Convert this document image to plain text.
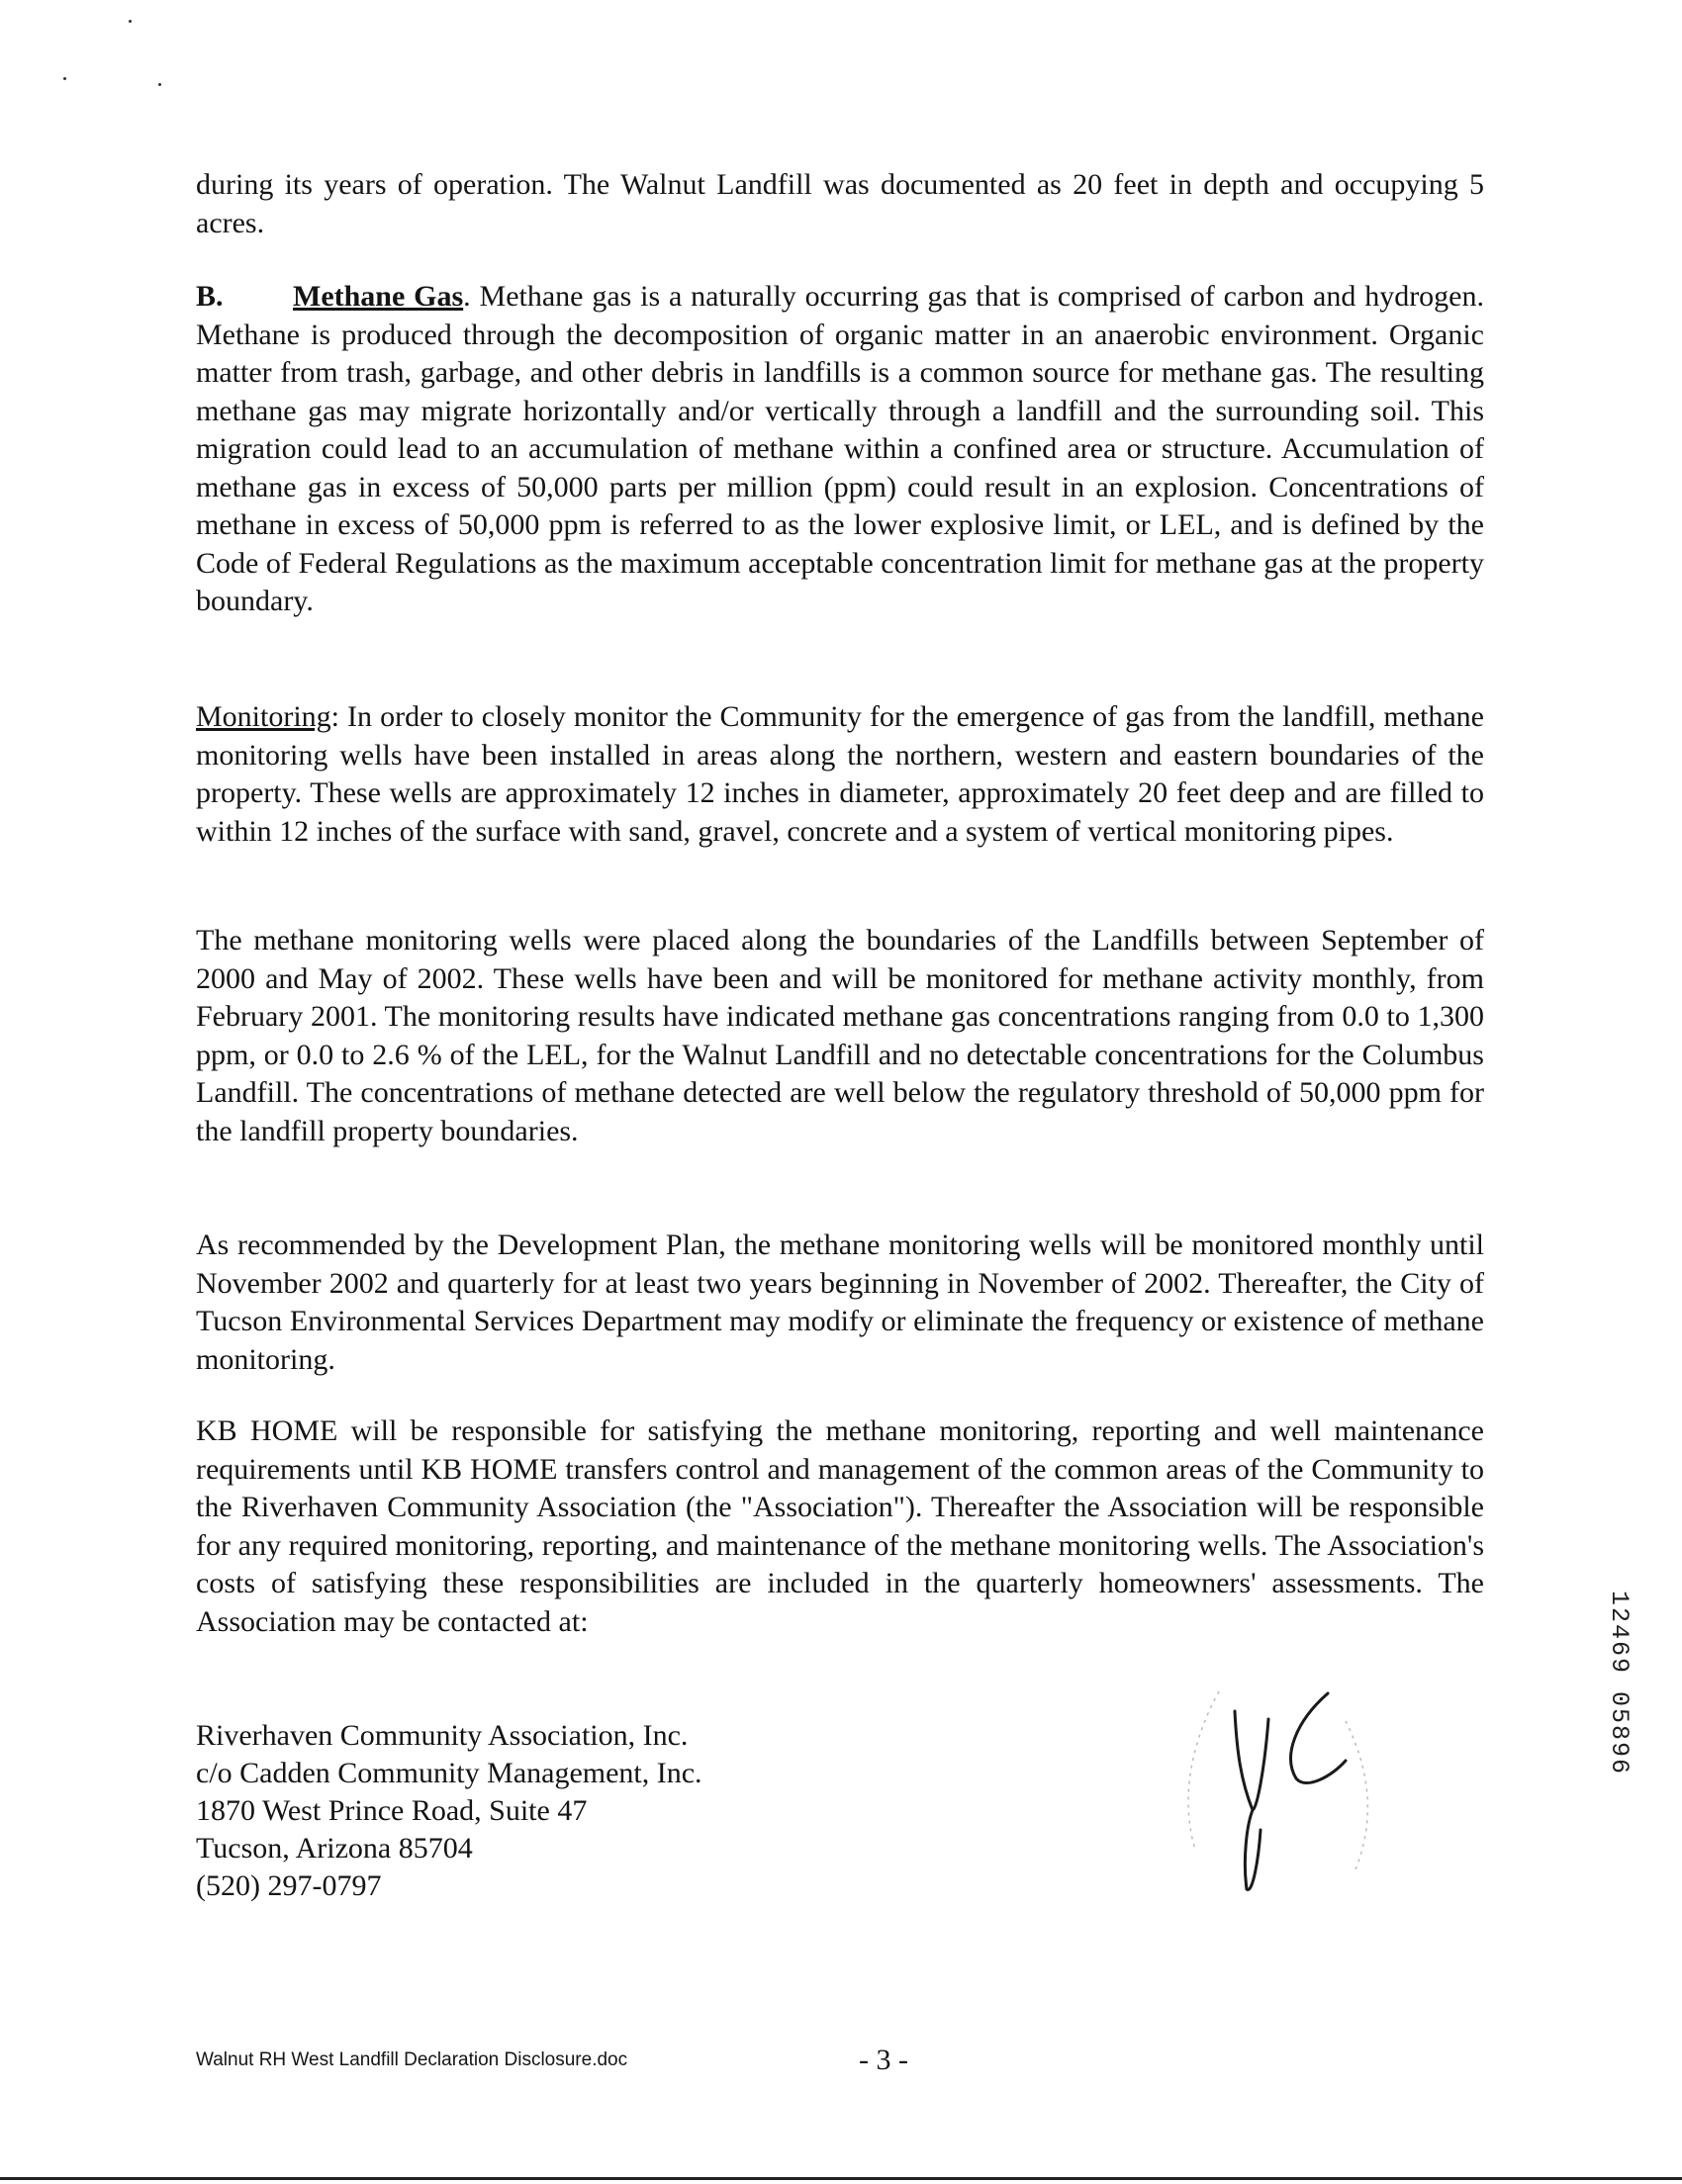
during its years of operation. The Walnut Landfill was documented as 20 feet in depth and occupying 5 acres.

B. Methane Gas. Methane gas is a naturally occurring gas that is comprised of carbon and hydrogen. Methane is produced through the decomposition of organic matter in an anaerobic environment. Organic matter from trash, garbage, and other debris in landfills is a common source for methane gas. The resulting methane gas may migrate horizontally and/or vertically through a landfill and the surrounding soil. This migration could lead to an accumulation of methane within a confined area or structure. Accumulation of methane gas in excess of 50,000 parts per million (ppm) could result in an explosion. Concentrations of methane in excess of 50,000 ppm is referred to as the lower explosive limit, or LEL, and is defined by the Code of Federal Regulations as the maximum acceptable concentration limit for methane gas at the property boundary.

Monitoring: In order to closely monitor the Community for the emergence of gas from the landfill, methane monitoring wells have been installed in areas along the northern, western and eastern boundaries of the property. These wells are approximately 12 inches in diameter, approximately 20 feet deep and are filled to within 12 inches of the surface with sand, gravel, concrete and a system of vertical monitoring pipes.

The methane monitoring wells were placed along the boundaries of the Landfills between September of 2000 and May of 2002. These wells have been and will be monitored for methane activity monthly, from February 2001. The monitoring results have indicated methane gas concentrations ranging from 0.0 to 1,300 ppm, or 0.0 to 2.6 % of the LEL, for the Walnut Landfill and no detectable concentrations for the Columbus Landfill. The concentrations of methane detected are well below the regulatory threshold of 50,000 ppm for the landfill property boundaries.

As recommended by the Development Plan, the methane monitoring wells will be monitored monthly until November 2002 and quarterly for at least two years beginning in November of 2002. Thereafter, the City of Tucson Environmental Services Department may modify or eliminate the frequency or existence of methane monitoring.

KB HOME will be responsible for satisfying the methane monitoring, reporting and well maintenance requirements until KB HOME transfers control and management of the common areas of the Community to the Riverhaven Community Association (the "Association"). Thereafter the Association will be responsible for any required monitoring, reporting, and maintenance of the methane monitoring wells. The Association's costs of satisfying these responsibilities are included in the quarterly homeowners' assessments. The Association may be contacted at:

Riverhaven Community Association, Inc.
c/o Cadden Community Management, Inc.
1870 West Prince Road, Suite 47
Tucson, Arizona 85704
(520) 297-0797
12469 05896
Walnut RH West Landfill Declaration Disclosure.doc	- 3 -
